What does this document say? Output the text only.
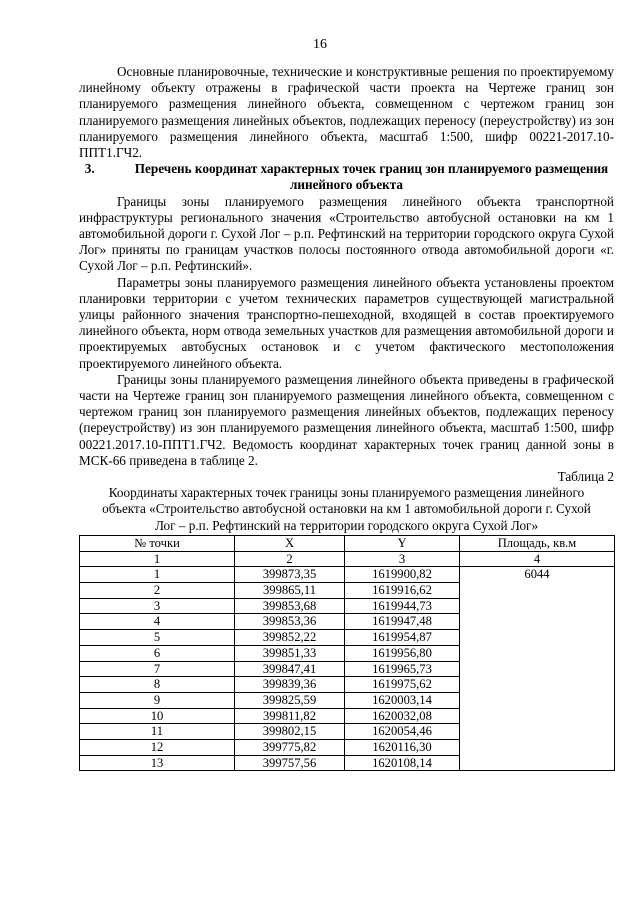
16

Основные планировочные, технические и конструктивные решения по проектируемому линейному объекту отражены в графической части проекта на Чертеже границ зон планируемого размещения линейного объекта, совмещенном с чертежом границ зон планируемого размещения линейных объектов, подлежащих переносу (переустройству) из зон планируемого размещения линейного объекта, масштаб 1:500, шифр 00221-2017.10-ППТ1.ГЧ2.

3.	Перечень координат характерных точек границ зон планируемого размещения линейного объекта

Границы зоны планируемого размещения линейного объекта транспортной инфраструктуры регионального значения «Строительство автобусной остановки на км 1 автомобильной дороги г. Сухой Лог – р.п. Рефтинский на территории городского округа Сухой Лог» приняты по границам участков полосы постоянного отвода автомобильной дороги «г. Сухой Лог – р.п. Рефтинский».

Параметры зоны планируемого размещения линейного объекта установлены проектом планировки территории с учетом технических параметров существующей магистральной улицы районного значения транспортно-пешеходной, входящей в состав проектируемого линейного объекта, норм отвода земельных участков для размещения автомобильной дороги и проектируемых автобусных остановок и с учетом фактического местоположения проектируемого линейного объекта.

Границы зоны планируемого размещения линейного объекта приведены в графической части на Чертеже границ зон планируемого размещения линейного объекта, совмещенном с чертежом границ зон планируемого размещения линейных объектов, подлежащих переносу (переустройству) из зон планируемого размещения линейного объекта, масштаб 1:500, шифр 00221.2017.10-ППТ1.ГЧ2. Ведомость координат характерных точек границ данной зоны в МСК-66 приведена в таблице 2.

Таблица 2

Координаты характерных точек границы зоны планируемого размещения линейного объекта «Строительство автобусной остановки на км 1 автомобильной дороги г. Сухой Лог – р.п. Рефтинский на территории городского округа Сухой Лог»

№ точки	X	Y	Площадь, кв.м
1	2	3	4
1	399873,35	1619900,82	6044
2	399865,11	1619916,62	
3	399853,68	1619944,73	
4	399853,36	1619947,48	
5	399852,22	1619954,87	
6	399851,33	1619956,80	
7	399847,41	1619965,73	
8	399839,36	1619975,62	
9	399825,59	1620003,14	
10	399811,82	1620032,08	
11	399802,15	1620054,46	
12	399775,82	1620116,30	
13	399757,56	1620108,14	
